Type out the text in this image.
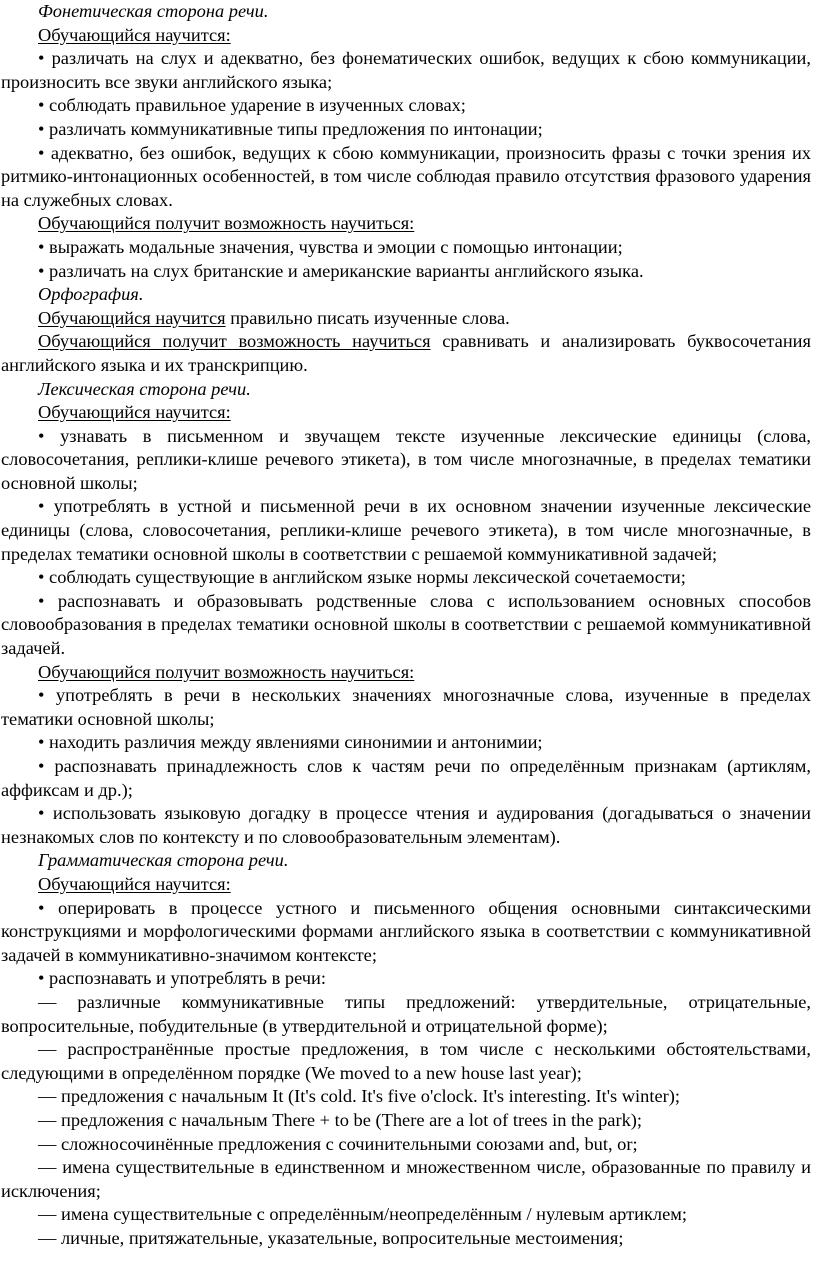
Фонетическая сторона речи.

Обучающийся научится:

• различать на слух и адекватно, без фонематических ошибок, ведущих к сбою коммуникации, произносить все звуки английского языка;

• соблюдать правильное ударение в изученных словах;

• различать коммуникативные типы предложения по интонации;

• адекватно, без ошибок, ведущих к сбою коммуникации, произносить фразы с точки зрения их ритмико-интонационных особенностей, в том числе соблюдая правило отсутствия фразового ударения на служебных словах.

Обучающийся получит возможность научиться:

• выражать модальные значения, чувства и эмоции с помощью интонации;

• различать на слух британские и американские варианты английского языка.

Орфография.

Обучающийся научится правильно писать изученные слова.

Обучающийся получит возможность научиться сравнивать и анализировать буквосочетания английского языка и их транскрипцию.

Лексическая сторона речи.

Обучающийся научится:

• узнавать в письменном и звучащем тексте изученные лексические единицы (слова, словосочетания, реплики-клише речевого этикета), в том числе многозначные, в пределах тематики основной школы;

• употреблять в устной и письменной речи в их основном значении изученные лексические единицы (слова, словосочетания, реплики-клише речевого этикета), в том числе многозначные, в пределах тематики основной школы в соответствии с решаемой коммуникативной задачей;

• соблюдать существующие в английском языке нормы лексической сочетаемости;

• распознавать и образовывать родственные слова с использованием основных способов словообразования в пределах тематики основной школы в соответствии с решаемой коммуникативной задачей.

Обучающийся получит возможность научиться:

• употреблять в речи в нескольких значениях многозначные слова, изученные в пределах тематики основной школы;

• находить различия между явлениями синонимии и антонимии;

• распознавать принадлежность слов к частям речи по определённым признакам (артиклям, аффиксам и др.);

• использовать языковую догадку в процессе чтения и аудирования (догадываться о значении незнакомых слов по контексту и по словообразовательным элементам).

Грамматическая сторона речи.

Обучающийся научится:

• оперировать в процессе устного и письменного общения основными синтаксическими конструкциями и морфологическими формами английского языка в соответствии с коммуникативной задачей в коммуникативно-значимом контексте;

• распознавать и употреблять в речи:

— различные коммуникативные типы предложений: утвердительные, отрицательные, вопросительные, побудительные (в утвердительной и отрицательной форме);

— распространённые простые предложения, в том числе с несколькими обстоятельствами, следующими в определённом порядке (We moved to a new house last year);

— предложения с начальным It (It's cold. It's five o'clock. It's interesting. It's winter);

— предложения с начальным There + to be (There are a lot of trees in the park);

— сложносочинённые предложения с сочинительными союзами and, but, or;

— имена существительные в единственном и множественном числе, образованные по правилу и исключения;

— имена существительные с определённым/неопределённым / нулевым артиклем;

— личные, притяжательные, указательные, вопросительные местоимения;
